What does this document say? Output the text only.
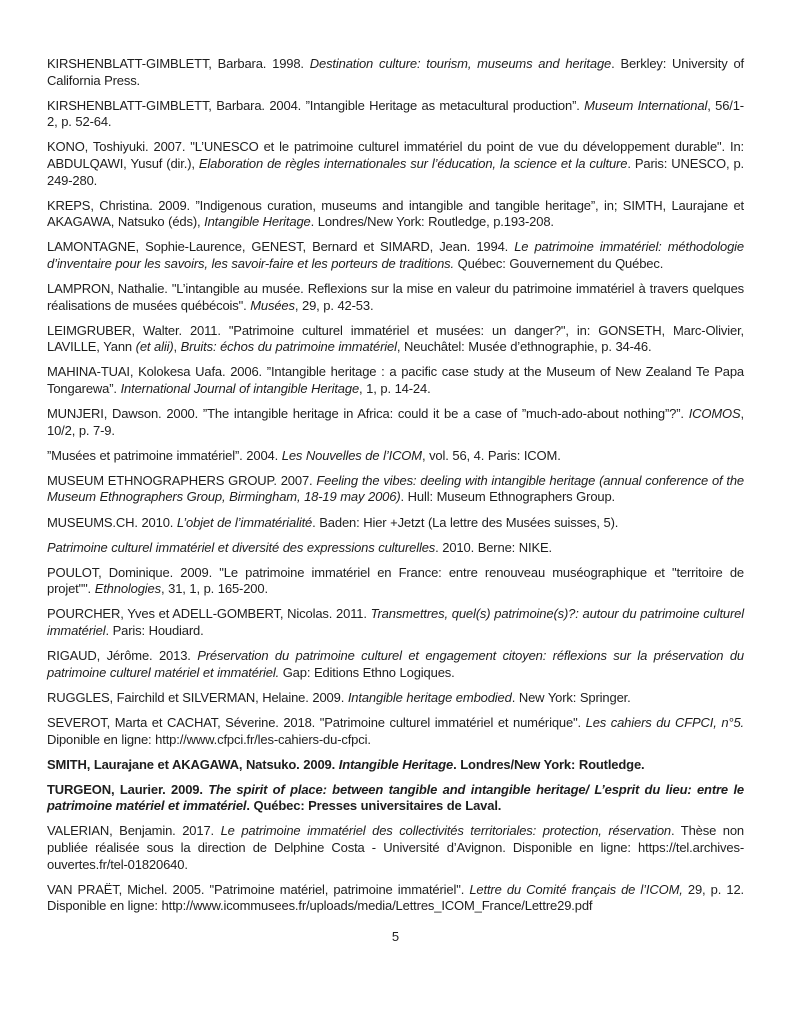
KIRSHENBLATT-GIMBLETT, Barbara. 1998. Destination culture: tourism, museums and heritage. Berkley: University of California Press.

KIRSHENBLATT-GIMBLETT, Barbara. 2004. ”Intangible Heritage as metacultural production”. Museum International, 56/1-2, p. 52-64.

KONO, Toshiyuki. 2007. "L’UNESCO et le patrimoine culturel immatériel du point de vue du développement durable". In: ABDULQAWI, Yusuf (dir.), Elaboration de règles internationales sur l’éducation, la science et la culture. Paris: UNESCO, p. 249-280.

KREPS, Christina. 2009. ”Indigenous curation, museums and intangible and tangible heritage”, in; SIMTH, Laurajane et AKAGAWA, Natsuko (éds), Intangible Heritage. Londres/New York: Routledge, p.193-208.

LAMONTAGNE, Sophie-Laurence, GENEST, Bernard et SIMARD, Jean. 1994. Le patrimoine immatériel: méthodologie d’inventaire pour les savoirs, les savoir-faire et les porteurs de traditions. Québec: Gouvernement du Québec.

LAMPRON, Nathalie. "L’intangible au musée. Reflexions sur la mise en valeur du patrimoine immatériel à travers quelques réalisations de musées québécois". Musées, 29, p. 42-53.

LEIMGRUBER, Walter. 2011. "Patrimoine culturel immatériel et musées: un danger?", in: GONSETH, Marc-Olivier, LAVILLE, Yann (et alii), Bruits: échos du patrimoine immatériel, Neuchâtel: Musée d’ethnographie, p. 34-46.

MAHINA-TUAI, Kolokesa Uafa. 2006. ”Intangible heritage : a pacific case study at the Museum of New Zealand Te Papa Tongarewa”. International Journal of intangible Heritage, 1, p. 14-24.

MUNJERI, Dawson. 2000. ”The intangible heritage in Africa: could it be a case of ”much-ado-about nothing”?”. ICOMOS, 10/2, p. 7-9.

”Musées et patrimoine immatériel”. 2004. Les Nouvelles de l’ICOM, vol. 56, 4. Paris: ICOM.

MUSEUM ETHNOGRAPHERS GROUP. 2007. Feeling the vibes: deeling with intangible heritage (annual conference of the Museum Ethnographers Group, Birmingham, 18-19 may 2006). Hull: Museum Ethnographers Group.

MUSEUMS.CH. 2010. L’objet de l’immatérialité. Baden: Hier +Jetzt (La lettre des Musées suisses, 5).

Patrimoine culturel immatériel et diversité des expressions culturelles. 2010. Berne: NIKE.

POULOT, Dominique. 2009. "Le patrimoine immatériel en France: entre renouveau muséographique et "territoire de projet"". Ethnologies, 31, 1, p. 165-200.

POURCHER, Yves et ADELL-GOMBERT, Nicolas. 2011. Transmettres, quel(s) patrimoine(s)?: autour du patrimoine culturel immatériel. Paris: Houdiard.

RIGAUD, Jérôme. 2013. Préservation du patrimoine culturel et engagement citoyen: réflexions sur la préservation du patrimoine culturel matériel et immatériel. Gap: Editions Ethno Logiques.

RUGGLES, Fairchild et SILVERMAN, Helaine. 2009. Intangible heritage embodied. New York: Springer.

SEVEROT, Marta et CACHAT, Séverine. 2018. "Patrimoine culturel immatériel et numérique". Les cahiers du CFPCI, n°5. Diponible en ligne: http://www.cfpci.fr/les-cahiers-du-cfpci.

SMITH, Laurajane et AKAGAWA, Natsuko. 2009. Intangible Heritage. Londres/New York: Routledge.

TURGEON, Laurier. 2009. The spirit of place: between tangible and intangible heritage/ L’esprit du lieu: entre le patrimoine matériel et immatériel. Québec: Presses universitaires de Laval.

VALERIAN, Benjamin. 2017. Le patrimoine immatériel des collectivités territoriales: protection, réservation. Thèse non publiée réalisée sous la direction de Delphine Costa - Université d’Avignon. Disponible en ligne: https://tel.archives-ouvertes.fr/tel-01820640.

VAN PRAËT, Michel. 2005. "Patrimoine matériel, patrimoine immatériel". Lettre du Comité français de l’ICOM, 29, p. 12. Disponible en ligne: http://www.icommusees.fr/uploads/media/Lettres_ICOM_France/Lettre29.pdf

5
